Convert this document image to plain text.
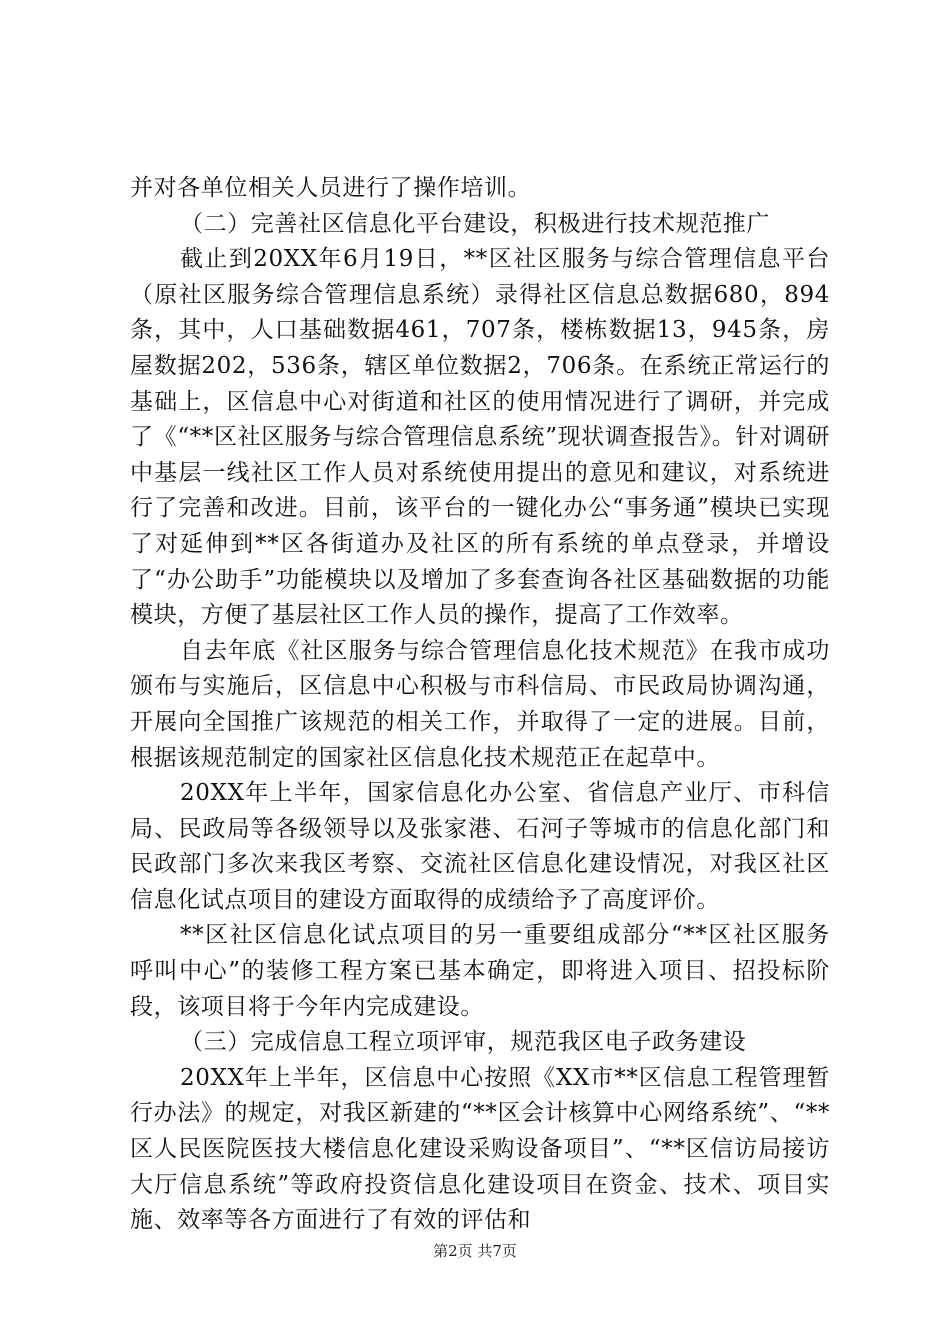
并对各单位相关人员进行了操作培训。

（二）完善社区信息化平台建设，积极进行技术规范推广

截止到20XX年6月19日，**区社区服务与综合管理信息平台（原社区服务综合管理信息系统）录得社区信息总数据680，894条，其中，人口基础数据461，707条，楼栋数据13，945条，房屋数据202，536条，辖区单位数据2，706条。在系统正常运行的基础上，区信息中心对街道和社区的使用情况进行了调研，并完成了《“**区社区服务与综合管理信息系统”现状调查报告》。针对调研中基层一线社区工作人员对系统使用提出的意见和建议，对系统进行了完善和改进。目前，该平台的一键化办公“事务通”模块已实现了对延伸到**区各街道办及社区的所有系统的单点登录，并增设了“办公助手”功能模块以及增加了多套查询各社区基础数据的功能模块，方便了基层社区工作人员的操作，提高了工作效率。

自去年底《社区服务与综合管理信息化技术规范》在我市成功颁布与实施后，区信息中心积极与市科信局、市民政局协调沟通，开展向全国推广该规范的相关工作，并取得了一定的进展。目前，根据该规范制定的国家社区信息化技术规范正在起草中。

20XX年上半年，国家信息化办公室、省信息产业厅、市科信局、民政局等各级领导以及张家港、石河子等城市的信息化部门和民政部门多次来我区考察、交流社区信息化建设情况，对我区社区信息化试点项目的建设方面取得的成绩给予了高度评价。

**区社区信息化试点项目的另一重要组成部分“**区社区服务呼叫中心”的装修工程方案已基本确定，即将进入项目、招投标阶段，该项目将于今年内完成建设。

（三）完成信息工程立项评审，规范我区电子政务建设

20XX年上半年，区信息中心按照《XX市**区信息工程管理暂行办法》的规定，对我区新建的“**区会计核算中心网络系统”、“**区人民医院医技大楼信息化建设采购设备项目”、“**区信访局接访大厅信息系统”等政府投资信息化建设项目在资金、技术、项目实施、效率等各方面进行了有效的评估和

第2页 共7页
